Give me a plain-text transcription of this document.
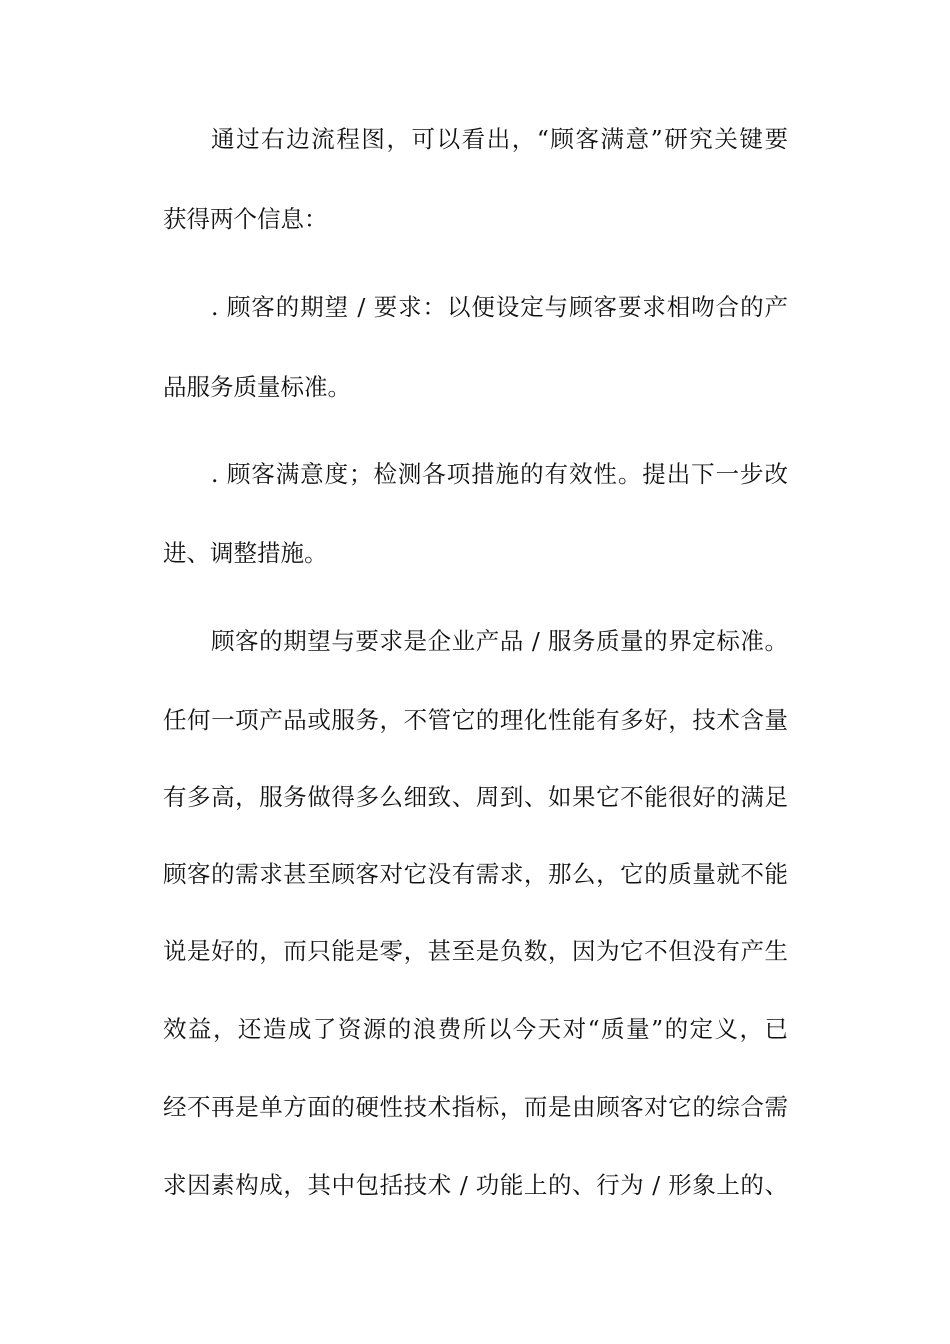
通过右边流程图，可以看出，“顾客满意”研究关键要
获得两个信息：
. 顾客的期望 / 要求：以便设定与顾客要求相吻合的产
品服务质量标准。
. 顾客满意度；检测各项措施的有效性。提出下一步改
进、调整措施。
顾客的期望与要求是企业产品 / 服务质量的界定标准。
任何一项产品或服务，不管它的理化性能有多好，技术含量
有多高，服务做得多么细致、周到、如果它不能很好的满足
顾客的需求甚至顾客对它没有需求，那么，它的质量就不能
说是好的，而只能是零，甚至是负数，因为它不但没有产生
效益，还造成了资源的浪费所以今天对“质量”的定义，已
经不再是单方面的硬性技术指标，而是由顾客对它的综合需
求因素构成，其中包括技术 / 功能上的、行为 / 形象上的、
